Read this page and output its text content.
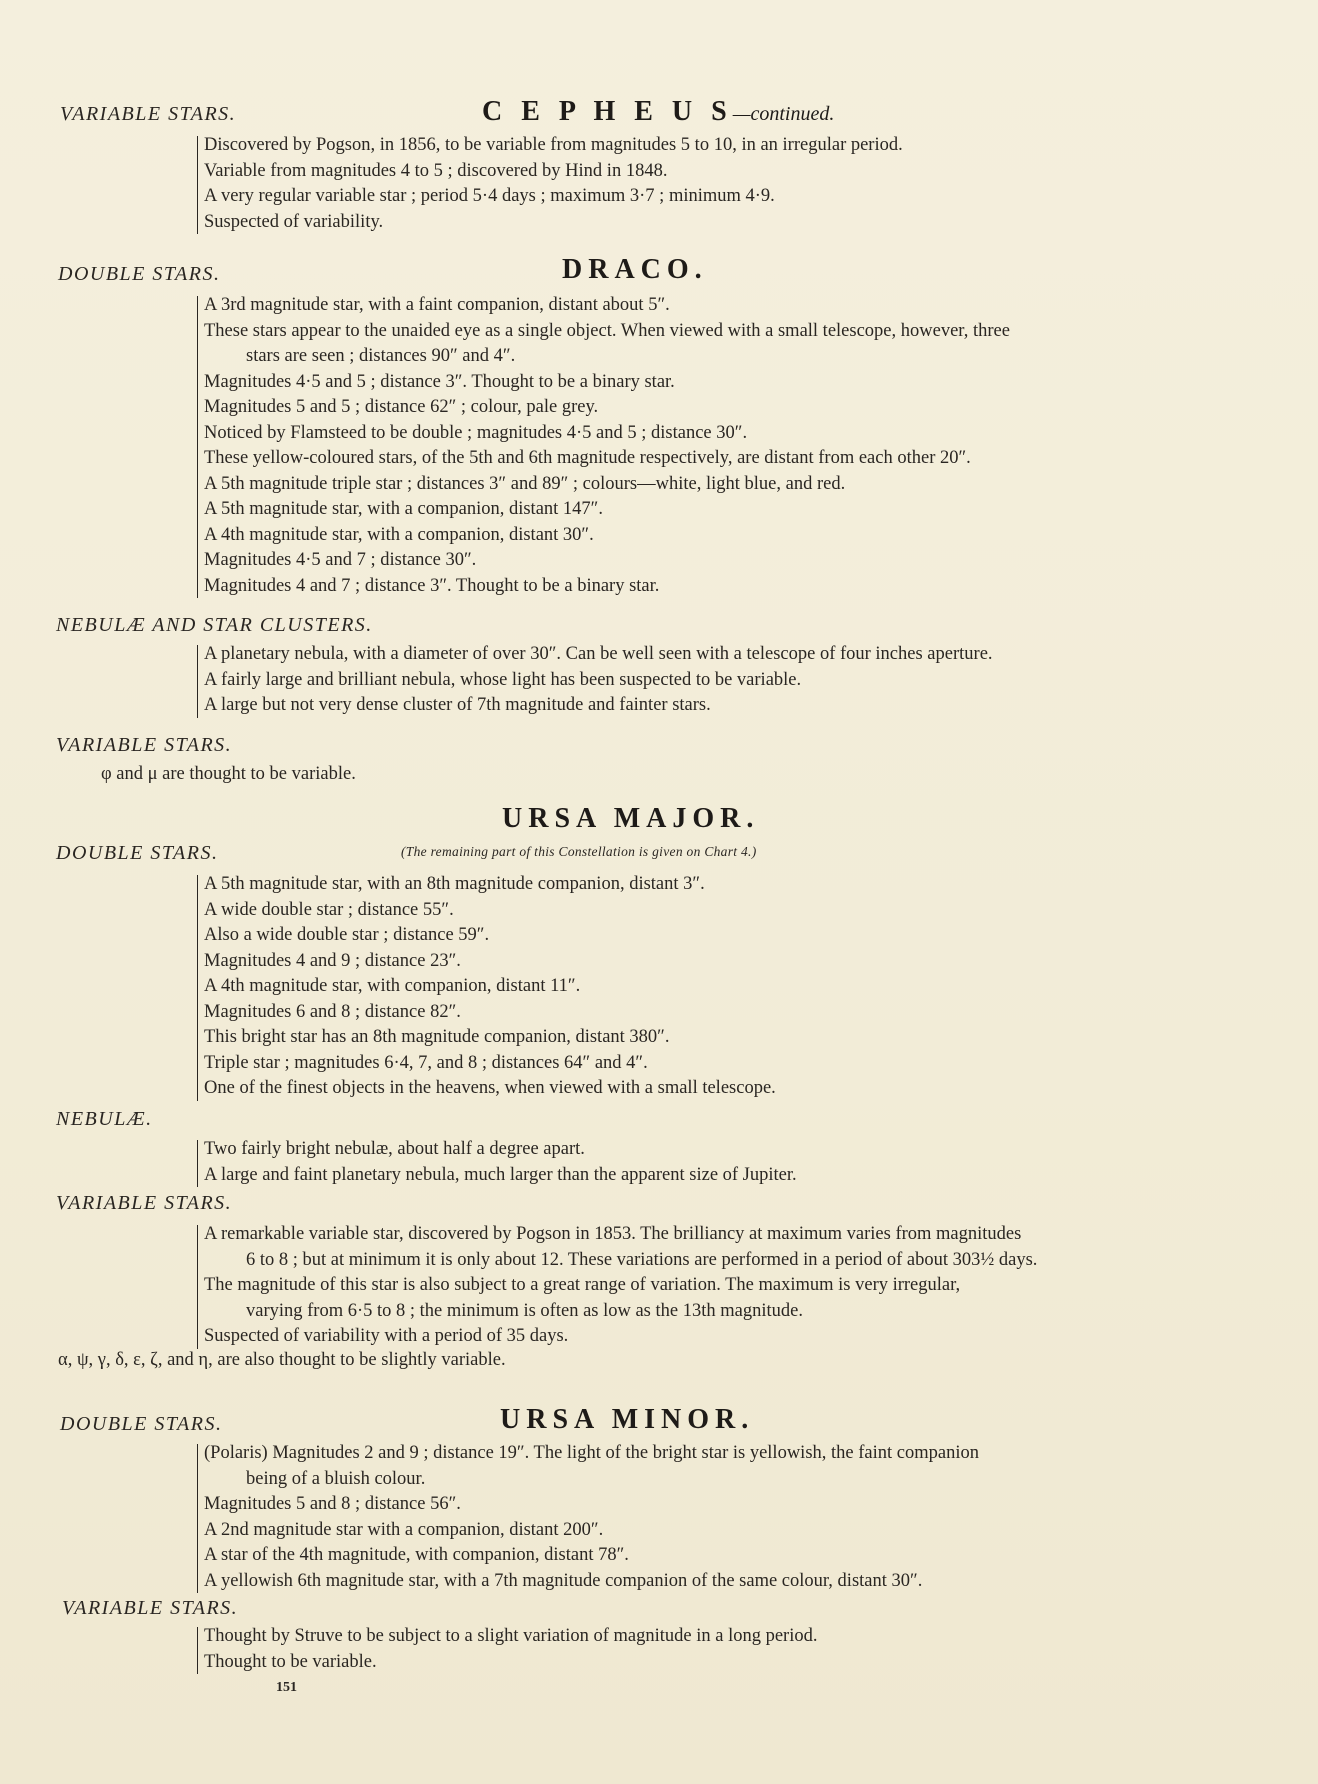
VARIABLE STARS.	C E P H E U S—continued.
Discovered by Pogson, in 1856, to be variable from magnitudes 5 to 10, in an irregular period.
Variable from magnitudes 4 to 5 ; discovered by Hind in 1848.
A very regular variable star ; period 5·4 days ; maximum 3·7 ; minimum 4·9.
Suspected of variability.
DOUBLE STARS.	DRACO.
A 3rd magnitude star, with a faint companion, distant about 5″.
These stars appear to the unaided eye as a single object. When viewed with a small telescope, however, three
stars are seen ; distances 90″ and 4″.
Magnitudes 4·5 and 5 ; distance 3″. Thought to be a binary star.
Magnitudes 5 and 5 ; distance 62″ ; colour, pale grey.
Noticed by Flamsteed to be double ; magnitudes 4·5 and 5 ; distance 30″.
These yellow-coloured stars, of the 5th and 6th magnitude respectively, are distant from each other 20″.
A 5th magnitude triple star ; distances 3″ and 89″ ; colours—white, light blue, and red.
A 5th magnitude star, with a companion, distant 147″.
A 4th magnitude star, with a companion, distant 30″.
Magnitudes 4·5 and 7 ; distance 30″.
Magnitudes 4 and 7 ; distance 3″. Thought to be a binary star.
NEBULÆ AND STAR CLUSTERS.
A planetary nebula, with a diameter of over 30″. Can be well seen with a telescope of four inches aperture.
A fairly large and brilliant nebula, whose light has been suspected to be variable.
A large but not very dense cluster of 7th magnitude and fainter stars.
VARIABLE STARS.
φ and μ are thought to be variable.
URSA MAJOR.
DOUBLE STARS.	(The remaining part of this Constellation is given on Chart 4.)
A 5th magnitude star, with an 8th magnitude companion, distant 3″.
A wide double star ; distance 55″.
Also a wide double star ; distance 59″.
Magnitudes 4 and 9 ; distance 23″.
A 4th magnitude star, with companion, distant 11″.
Magnitudes 6 and 8 ; distance 82″.
This bright star has an 8th magnitude companion, distant 380″.
Triple star ; magnitudes 6·4, 7, and 8 ; distances 64″ and 4″.
One of the finest objects in the heavens, when viewed with a small telescope.
NEBULÆ.
Two fairly bright nebulæ, about half a degree apart.
A large and faint planetary nebula, much larger than the apparent size of Jupiter.
VARIABLE STARS.
A remarkable variable star, discovered by Pogson in 1853. The brilliancy at maximum varies from magnitudes
6 to 8 ; but at minimum it is only about 12. These variations are performed in a period of about 303½ days.
The magnitude of this star is also subject to a great range of variation. The maximum is very irregular,
varying from 6·5 to 8 ; the minimum is often as low as the 13th magnitude.
Suspected of variability with a period of 35 days.
α, ψ, γ, δ, ε, ζ, and η, are also thought to be slightly variable.
DOUBLE STARS.	URSA MINOR.
(Polaris) Magnitudes 2 and 9 ; distance 19″. The light of the bright star is yellowish, the faint companion
being of a bluish colour.
Magnitudes 5 and 8 ; distance 56″.
A 2nd magnitude star with a companion, distant 200″.
A star of the 4th magnitude, with companion, distant 78″.
A yellowish 6th magnitude star, with a 7th magnitude companion of the same colour, distant 30″.
VARIABLE STARS.
Thought by Struve to be subject to a slight variation of magnitude in a long period.
Thought to be variable.
151
